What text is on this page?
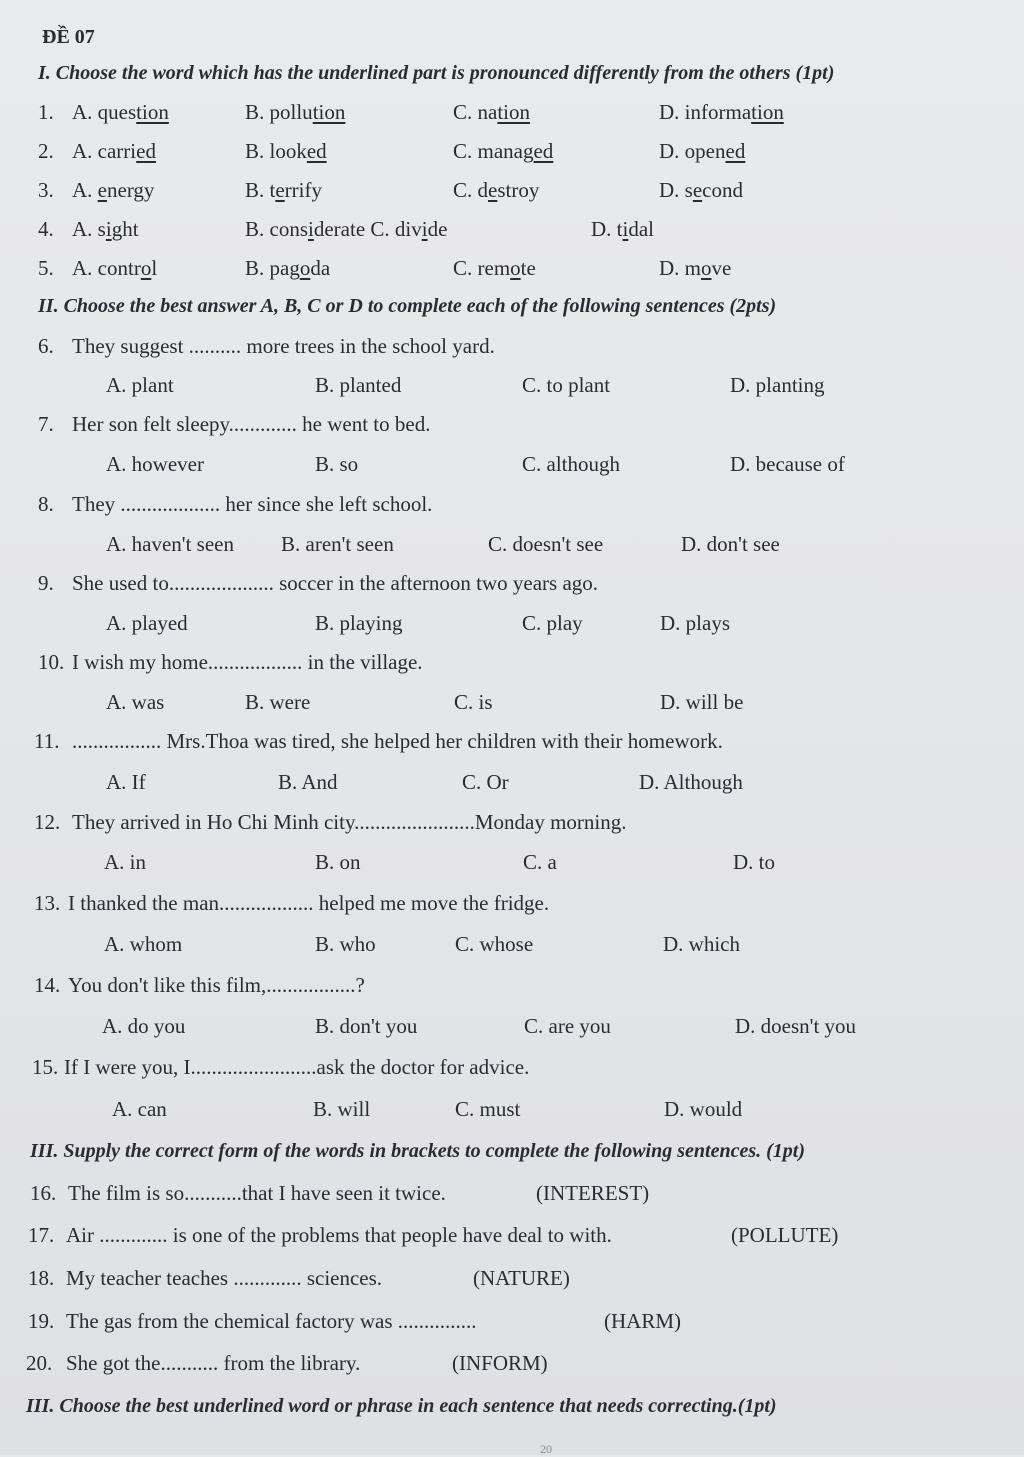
ĐỀ 07
I. Choose the word which has the underlined part is pronounced differently from the others (1pt)
1. A. question	B. pollution	C. nation	D. information
2. A. carried	B. looked	C. managed	D. opened
3. A. energy	B. terrify	C. destroy	D. second
4. A. sight	B. considerate C. divide	D. tidal
5. A. control	B. pagoda	C. remote	D. move
II. Choose the best answer A, B, C or D to complete each of the following sentences (2pts)
6. They suggest .......... more trees in the school yard.
A. plant	B. planted	C. to plant	D. planting
7. Her son felt sleepy............. he went to bed.
A. however	B. so	C. although	D. because of
8. They ................... her since she left school.
A. haven't seen B. aren't seen	C. doesn't see	D. don't see
9. She used to.................... soccer in the afternoon two years ago.
A. played	B. playing	C. play	D. plays
10. I wish my home.................. in the village.
A. was	B. were	C. is	D. will be
11. ................. Mrs.Thoa was tired, she helped her children with their homework.
A. If	B. And	C. Or	D. Although
12. They arrived in Ho Chi Minh city.......................Monday morning.
A. in	B. on	C. a	D. to
13. I thanked the man.................. helped me move the fridge.
A. whom	B. who	C. whose	D. which
14. You don't like this film,.................?
A. do you	B. don't you	C. are you	D. doesn't you
15. If I were you, I........................ask the doctor for advice.
A. can	B. will	C. must	D. would
III. Supply the correct form of the words in brackets to complete the following sentences. (1pt)
16. The film is so...........that I have seen it twice.	(INTEREST)
17. Air ............. is one of the problems that people have deal to with.	(POLLUTE)
18. My teacher teaches ............. sciences.	(NATURE)
19. The gas from the chemical factory was ...............	(HARM)
20. She got the........... from the library.	(INFORM)
III. Choose the best underlined word or phrase in each sentence that needs correcting.(1pt)
20
